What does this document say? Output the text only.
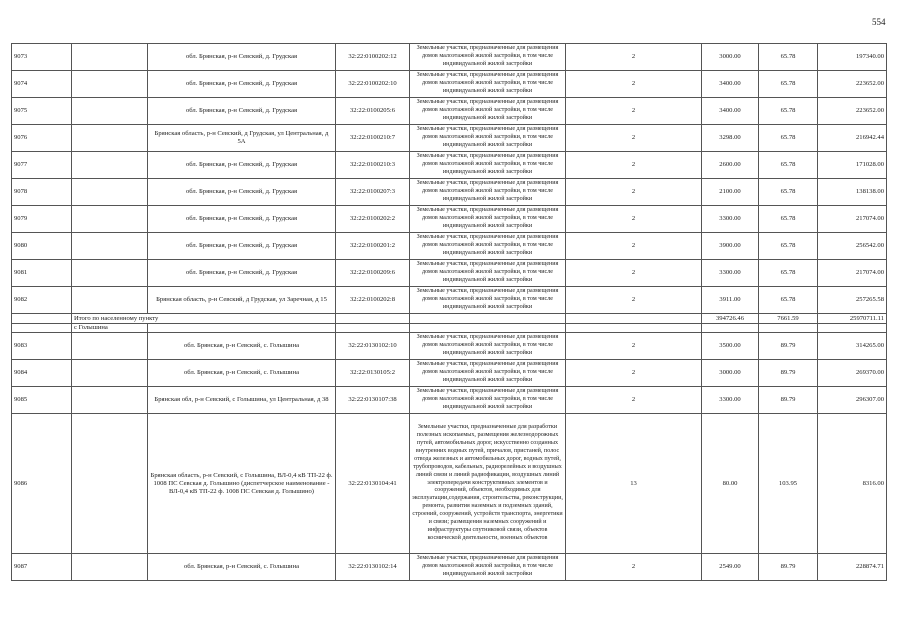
554
9073		обл. Брянская, р-н Севский, д. Грудская	32:22:0100202:12	Земельные участки, предназначенные для размещения домов малоэтажной жилой застройки, в том числе индивидуальной жилой застройки	2	3000.00	65.78	197340.00
9074		обл. Брянская, р-н Севский, д. Грудская	32:22:0100202:10	Земельные участки, предназначенные для размещения домов малоэтажной жилой застройки, в том числе индивидуальной жилой застройки	2	3400.00	65.78	223652.00
9075		обл. Брянская, р-н Севский, д. Грудская	32:22:0100205:6	Земельные участки, предназначенные для размещения домов малоэтажной жилой застройки, в том числе индивидуальной жилой застройки	2	3400.00	65.78	223652.00
9076		Брянская область, р-н Севский, д Грудская, ул Центральная, д 5А	32:22:0100210:7	Земельные участки, предназначенные для размещения домов малоэтажной жилой застройки, в том числе индивидуальной жилой застройки	2	3298.00	65.78	216942.44
9077		обл. Брянская, р-н Севский, д. Грудская	32:22:0100210:3	Земельные участки, предназначенные для размещения домов малоэтажной жилой застройки, в том числе индивидуальной жилой застройки	2	2600.00	65.78	171028.00
9078		обл. Брянская, р-н Севский, д. Грудская	32:22:0100207:3	Земельные участки, предназначенные для размещения домов малоэтажной жилой застройки, в том числе индивидуальной жилой застройки	2	2100.00	65.78	138138.00
9079		обл. Брянская, р-н Севский, д. Грудская	32:22:0100202:2	Земельные участки, предназначенные для размещения домов малоэтажной жилой застройки, в том числе индивидуальной жилой застройки	2	3300.00	65.78	217074.00
9080		обл. Брянская, р-н Севский, д. Грудская	32:22:0100201:2	Земельные участки, предназначенные для размещения домов малоэтажной жилой застройки, в том числе индивидуальной жилой застройки	2	3900.00	65.78	256542.00
9081		обл. Брянская, р-н Севский, д. Грудская	32:22:0100209:6	Земельные участки, предназначенные для размещения домов малоэтажной жилой застройки, в том числе индивидуальной жилой застройки	2	3300.00	65.78	217074.00
9082		Брянская область, р-н Севский, д Грудская, ул Заречная, д 15	32:22:0100202:8	Земельные участки, предназначенные для размещения домов малоэтажной жилой застройки, в том числе индивидуальной жилой застройки	2	3911.00	65.78	257265.58
	Итого по населенному пункту					394726.46	7661.59	25970711.11
	с Голышина							
9083		обл. Брянская, р-н Севский, с. Голышина	32:22:0130102:10	Земельные участки, предназначенные для размещения домов малоэтажной жилой застройки, в том числе индивидуальной жилой застройки	2	3500.00	89.79	314265.00
9084		обл. Брянская, р-н Севский, с. Голышина	32:22:0130105:2	Земельные участки, предназначенные для размещения домов малоэтажной жилой застройки, в том числе индивидуальной жилой застройки	2	3000.00	89.79	269370.00
9085		Брянская обл, р-н Севский, с Голышина, ул Центральная, д 38	32:22:0130107:38	Земельные участки, предназначенные для размещения домов малоэтажной жилой застройки, в том числе индивидуальной жилой застройки	2	3300.00	89.79	296307.00
9086		Брянская область, р-н Севский, с Голышина, ВЛ-0,4 кВ ТП-22 ф. 1008 ПС Севская д. Голышино (диспетчерское наименование - ВЛ-0,4 кВ ТП-22 ф. 1008 ПС Севская д. Голышино)	32:22:0130104:41	Земельные участки, предназначенные для разработки полезных ископаемых, размещения железнодорожных путей, автомобильных дорог, искусственно созданных внутренних водных путей, причалов, пристаней, полос отвода железных и автомобильных дорог, водных путей, трубопроводов, кабельных, радиорелейных и воздушных линий связи и линий радиофикации, воздушных линий электропередачи конструктивных элементов и сооружений, объектов, необходимых для эксплуатации,содержания, строительства, реконструкции, ремонта, развития наземных и подземных зданий, строений, сооружений, устройств транспорта, энергетики и связи; размещения наземных сооружений и инфраструктуры спутниковой связи, объектов космической деятельности, военных объектов	13	80.00	103.95	8316.00
9087		обл. Брянская, р-н Севский, с. Голышина	32:22:0130102:14	Земельные участки, предназначенные для размещения домов малоэтажной жилой застройки, в том числе индивидуальной жилой застройки	2	2549.00	89.79	228874.71
